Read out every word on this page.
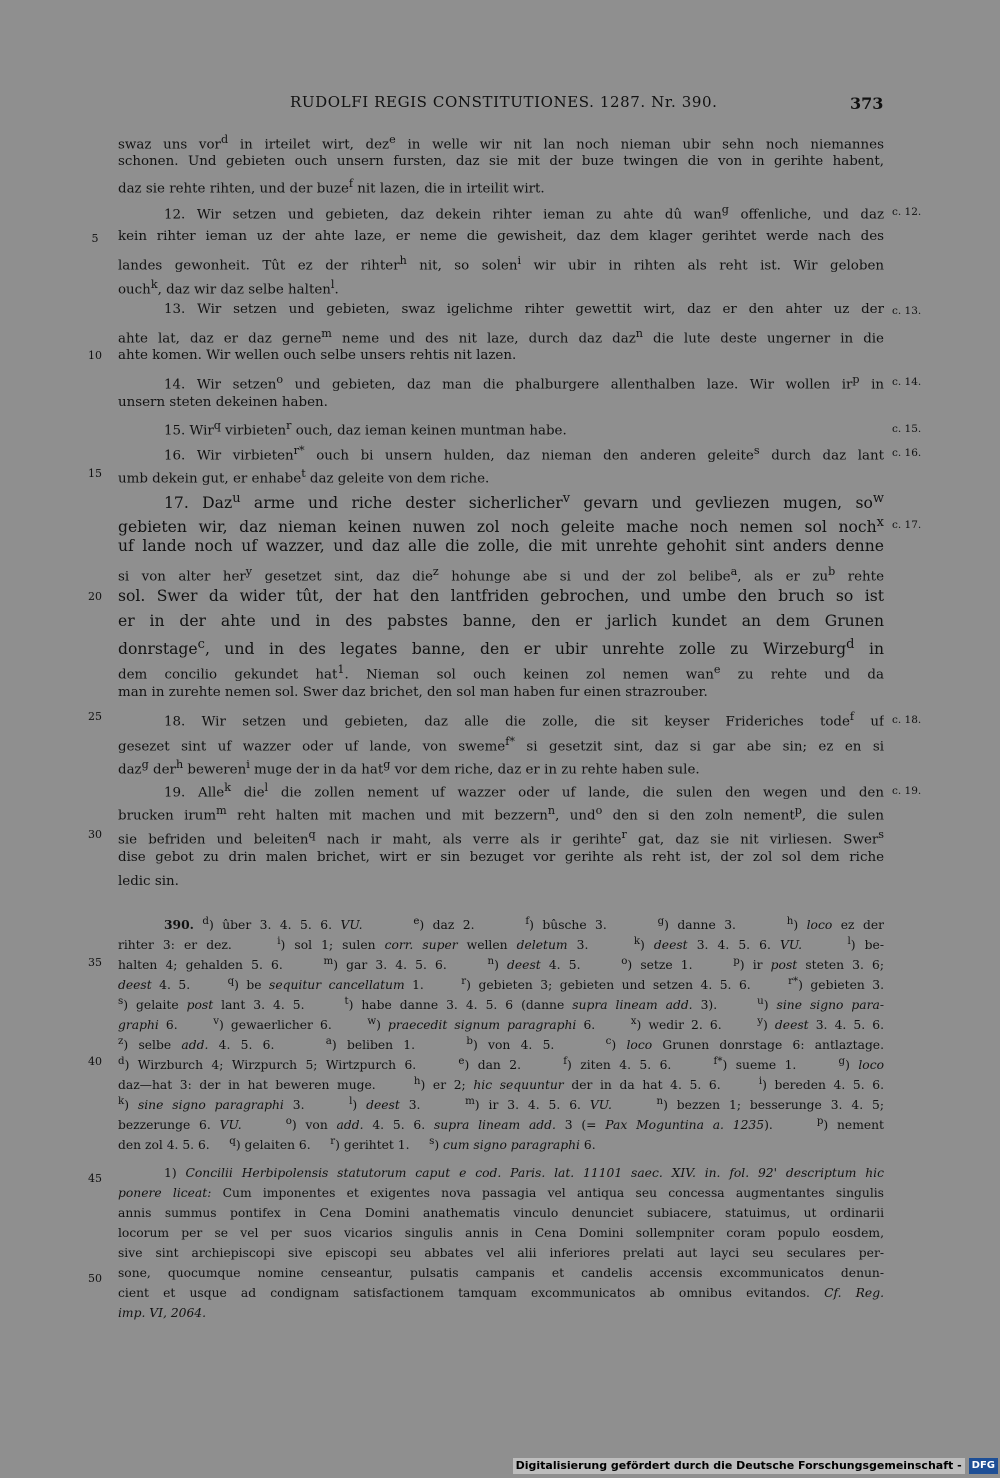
RUDOLFI REGIS CONSTITUTIONES. 1287. Nr. 390.	373
swaz uns vor$^d$ in irteilet wirt, dez$^e$ in welle wir nit lan noch nieman ubir sehn noch niemannes
schonen. Und gebieten ouch unsern fursten, daz sie mit der buze twingen die von in gerihte habent,
daz sie rehte rihten, und der buze$^f$ nit lazen, die in irteilit wirt.
12. Wir setzen und gebieten, daz dekein rihter ieman zu ahte dû wan$^g$ offenliche, und daz
kein rihter ieman uz der ahte laze, er neme die gewisheit, daz dem klager gerihtet werde nach des
landes gewonheit. Tût ez der rihter$^h$ nit, so solen$^i$ wir ubir in rihten als reht ist. Wir geloben
ouch$^k$, daz wir daz selbe halten$^l$.
13. Wir setzen und gebieten, swaz igelichme rihter gewettit wirt, daz er den ahter uz der
ahte lat, daz er daz gerne$^m$ neme und des nit laze, durch daz daz$^n$ die lute deste ungerner in die
ahte komen. Wir wellen ouch selbe unsers rehtis nit lazen.
14. Wir setzen$^o$ und gebieten, daz man die phalburgere allenthalben laze. Wir wollen $ir^p$ in
unsern steten dekeinen haben.
15. Wir$^q$ virbieten$^r$ ouch, daz ieman keinen muntman habe.
16. Wir virbieten$^{r*}$ ouch bi unsern hulden, daz nieman den anderen geleite$^s$ durch daz lant
umb dekein gut, er enhabe$^t$ daz geleite von dem riche.
17. Daz$^u$ arme und riche dester sicherlicher$^v$ gevarn und gevliezen mugen, $so^w$
gebieten wir, daz nieman keinen nuwen zol noch geleite mache noch nemen sol noch$^x$
uf lande noch uf wazzer, und daz alle die zolle, die mit unrehte gehohit sint anders denne
si von alter her$^y$ gesetzet sint, daz die$^z$ hohunge abe si und der zol belibe$^a$, als er $zu^b$ rehte
sol. Swer da wider tût, der hat den lantfriden gebrochen, und umbe den bruch so ist
er in der ahte und in des pabstes banne, den er jarlich kundet an dem Grunen
donrstage$^c$, und in des legates banne, den er ubir unrehte zolle zu Wirzeburg$^d$ in
dem concilio gekundet hat$^1$. Nieman sol ouch keinen zol nemen wan$^e$ zu rehte und da
man in zurehte nemen sol. Swer daz brichet, den sol man haben fur einen strazrouber.
18. Wir setzen und gebieten, daz alle die zolle, die sit keyser Frideriches tode$^f$ uf
gesezet sint uf wazzer oder uf lande, von sweme$^{f*}$ si gesetzit sint, daz si gar abe sin; ez en si
daz$^g$ der$^h$ beweren$^i$ muge der in da hat$^g$ vor dem riche, daz er in zu rehte haben sule.
19. Alle$^k$ die$^l$ die zollen nement uf wazzer oder uf lande, die sulen den wegen und den
brucken irum$^m$ reht halten mit machen und mit bezzern$^n$, und$^o$ den si den zoln nement$^p$, die sulen
sie befriden und beleiten$^q$ nach ir maht, als verre als ir gerihte$^r$ gat, daz sie nit virliesen. Swer$^s$
dise gebot zu drin malen brichet, wirt er sin bezuget vor gerihte als reht ist, der zol sol dem riche
ledic sin.
5
10
15
20
25
30
35
40
45
50
c. 12.
c. 13.
c. 14.
c. 15.
c. 16.
c. 17.
c. 18.
c. 19.
390. $^d$) ûber 3. 4. 5. 6. VU.	$^e$) daz 2.      $^f$) bûsche 3.      $^g$) danne 3.      $^h$) loco ez der
rihter 3: er dez.     $^i$) sol 1; sulen corr. super wellen deletum 3.     $^k$) deest 3. 4. 5. 6. VU.	$^l$) be-
halten 4; gehalden 5. 6.     $^m$) gar 3. 4. 5. 6.     $^n$) deest 4. 5.     $^o$) setze 1.     $^p$) ir post steten 3. 6;
deest 4. 5.     $^q$) be sequitur cancellatum 1.     $^r$) gebieten 3; gebieten und setzen 4. 5. 6.     $^{r*}$) gebieten 3.
$^s$) gelaite post lant 3. 4. 5.     $^t$) habe danne 3. 4. 5. 6 (danne supra lineam add. 3).     $^u$) sine signo para-
graphi 6.     $^v$) gewaerlicher 6.     $^w$) praecedit signum paragraphi 6.     $^x$) wedir 2. 6.     $^y$) deest 3. 4. 5. 6.
$^z$) selbe add. 4. 5. 6.     $^a$) beliben 1.     $^b$) von 4. 5.     $^c$) loco Grunen donrstage 6: antlaztage.
$^d$) Wirzburch 4; Wirzpurch 5; Wirtzpurch 6.     $^e$) dan 2.     $^f$) ziten 4. 5. 6.     $^{f*}$) sueme 1.     $^g$) loco
daz—hat 3: der in hat beweren muge.     $^h$) er 2; hic sequuntur der in da hat 4. 5. 6.     $^i$) bereden 4. 5. 6.
$^k$) sine signo paragraphi 3.     $^l$) deest 3.     $^m$) ir 3. 4. 5. 6. VU.	$^n$) bezzen 1; besserunge 3. 4. 5;
bezzerunge 6. VU.	$^o$) von add. 4. 5. 6. supra lineam add. 3 (= Pax Moguntina a. 1235).     $^p$) nement
den zol 4. 5. 6.     $^q$) gelaiten 6.     $^r$) gerihtet 1.     $^s$) cum signo paragraphi 6.
1) Concilii Herbipolensis statutorum caput e cod. Paris. lat. 11101 saec. XIV. in. fol. 92' descriptum hic
ponere liceat: Cum imponentes et exigentes nova passagia vel antiqua seu concessa augmentantes singulis
annis summus pontifex in Cena Domini anathematis vinculo denunciet subiacere, statuimus, ut ordinarii
locorum per se vel per suos vicarios singulis annis in Cena Domini sollempniter coram populo eosdem,
sive sint archiepiscopi sive episcopi seu abbates vel alii inferiores prelati aut layci seu seculares per-
sone, quocumque nomine censeantur, pulsatis campanis et candelis accensis excommunicatos denun-
cient et usque ad condignam satisfactionem tamquam excommunicatos ab omnibus evitandos. Cf. Reg.
imp. VI, 2064.
Digitalisierung gefördert durch die Deutsche Forschungsgemeinschaft -	DFG
